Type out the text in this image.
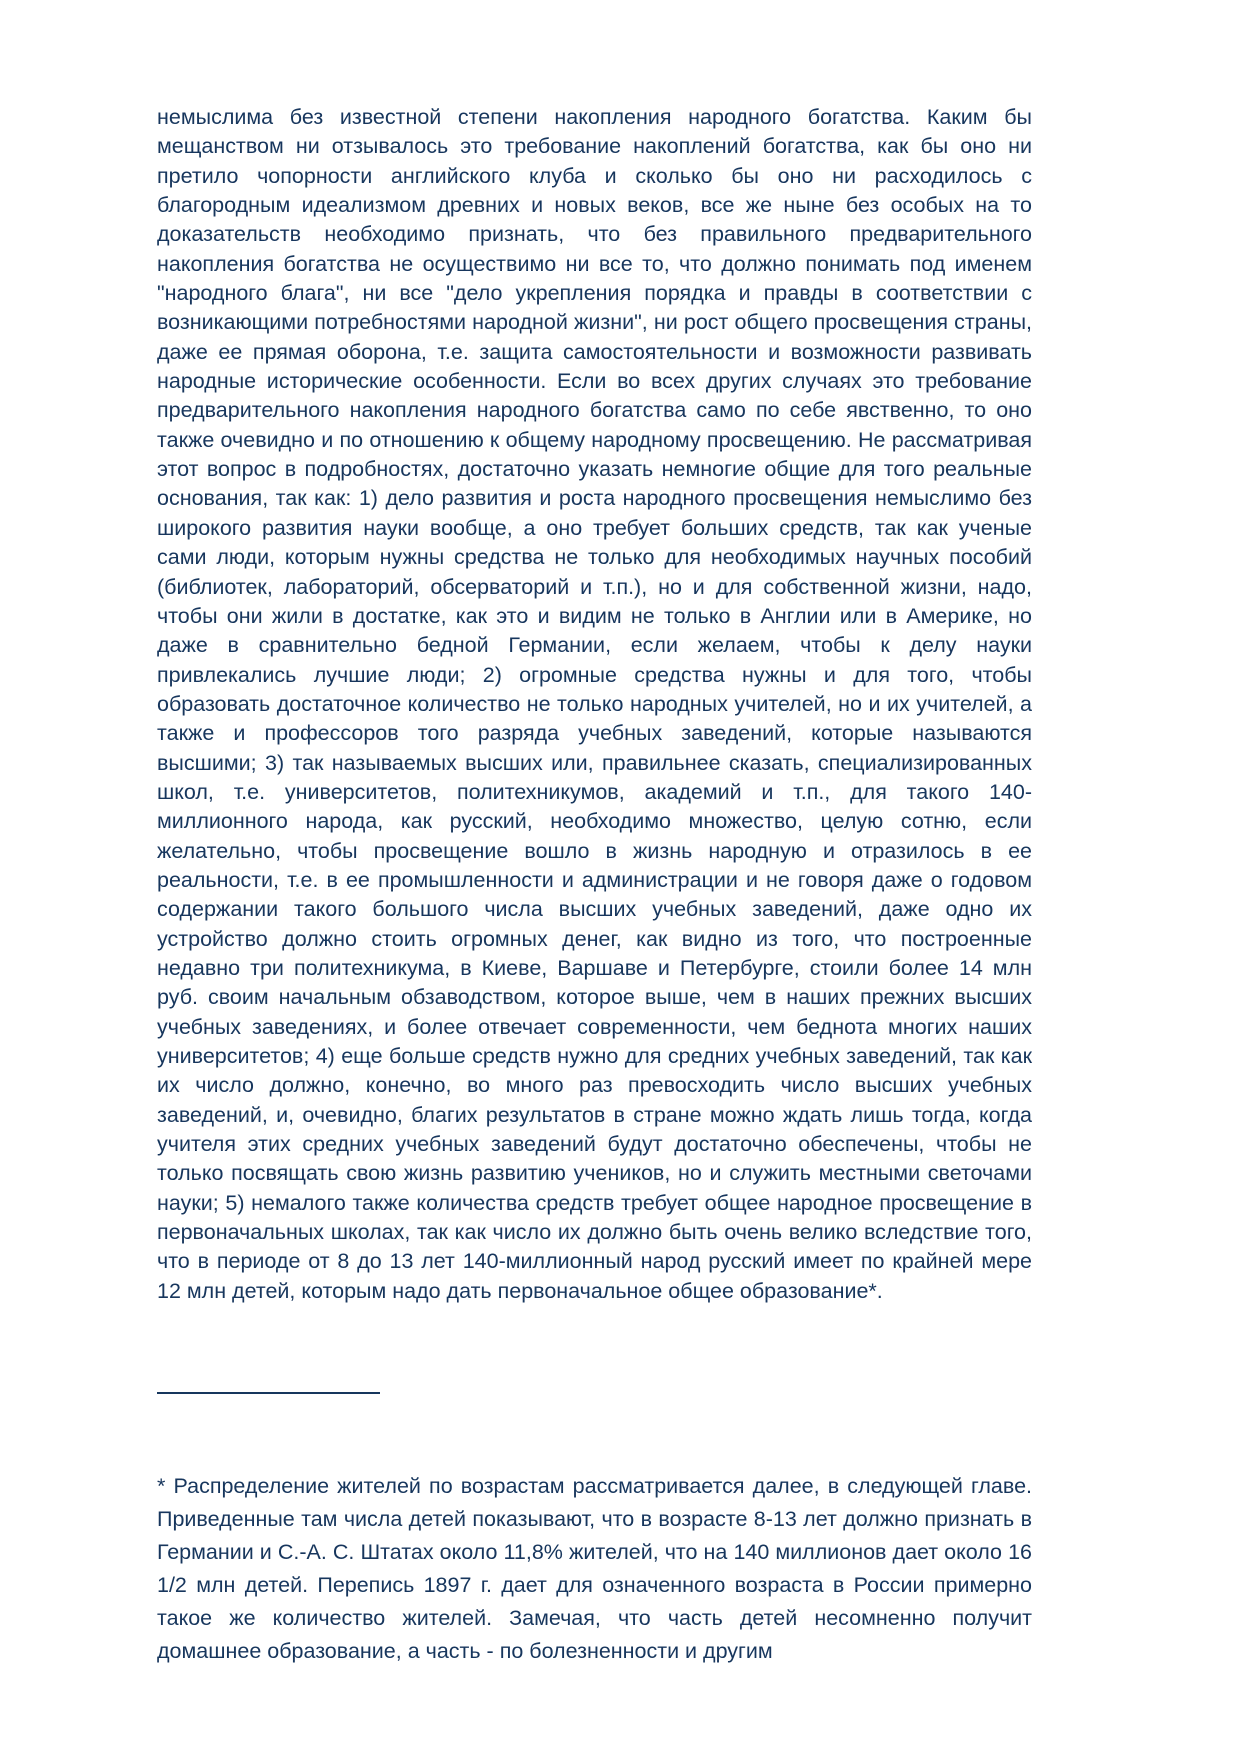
немыслима без известной степени накопления народного богатства. Каким бы мещанством ни отзывалось это требование накоплений богатства, как бы оно ни претило чопорности английского клуба и сколько бы оно ни расходилось с благородным идеализмом древних и новых веков, все же ныне без особых на то доказательств необходимо признать, что без правильного предварительного накопления богатства не осуществимо ни все то, что должно понимать под именем "народного блага", ни все "дело укрепления порядка и правды в соответствии с возникающими потребностями народной жизни", ни рост общего просвещения страны, даже ее прямая оборона, т.е. защита самостоятельности и возможности развивать народные исторические особенности. Если во всех других случаях это требование предварительного накопления народного богатства само по себе явственно, то оно также очевидно и по отношению к общему народному просвещению. Не рассматривая этот вопрос в подробностях, достаточно указать немногие общие для того реальные основания, так как: 1) дело развития и роста народного просвещения немыслимо без широкого развития науки вообще, а оно требует больших средств, так как ученые сами люди, которым нужны средства не только для необходимых научных пособий (библиотек, лабораторий, обсерваторий и т.п.), но и для собственной жизни, надо, чтобы они жили в достатке, как это и видим не только в Англии или в Америке, но даже в сравнительно бедной Германии, если желаем, чтобы к делу науки привлекались лучшие люди; 2) огромные средства нужны и для того, чтобы образовать достаточное количество не только народных учителей, но и их учителей, а также и профессоров того разряда учебных заведений, которые называются высшими; 3) так называемых высших или, правильнее сказать, специализированных школ, т.е. университетов, политехникумов, академий и т.п., для такого 140-миллионного народа, как русский, необходимо множество, целую сотню, если желательно, чтобы просвещение вошло в жизнь народную и отразилось в ее реальности, т.е. в ее промышленности и администрации и не говоря даже о годовом содержании такого большого числа высших учебных заведений, даже одно их устройство должно стоить огромных денег, как видно из того, что построенные недавно три политехникума, в Киеве, Варшаве и Петербурге, стоили более 14 млн руб. своим начальным обзаводством, которое выше, чем в наших прежних высших учебных заведениях, и более отвечает современности, чем беднота многих наших университетов; 4) еще больше средств нужно для средних учебных заведений, так как их число должно, конечно, во много раз превосходить число высших учебных заведений, и, очевидно, благих результатов в стране можно ждать лишь тогда, когда учителя этих средних учебных заведений будут достаточно обеспечены, чтобы не только посвящать свою жизнь развитию учеников, но и служить местными светочами науки; 5) немалого также количества средств требует общее народное просвещение в первоначальных школах, так как число их должно быть очень велико вследствие того, что в периоде от 8 до 13 лет 140-миллионный народ русский имеет по крайней мере 12 млн детей, которым надо дать первоначальное общее образование*.

* Распределение жителей по возрастам рассматривается далее, в следующей главе. Приведенные там числа детей показывают, что в возрасте 8-13 лет должно признать в Германии и С.-А. С. Штатах около 11,8% жителей, что на 140 миллионов дает около 16 1/2 млн детей. Перепись 1897 г. дает для означенного возраста в России примерно такое же количество жителей. Замечая, что часть детей несомненно получит домашнее образование, а часть - по болезненности и другим
